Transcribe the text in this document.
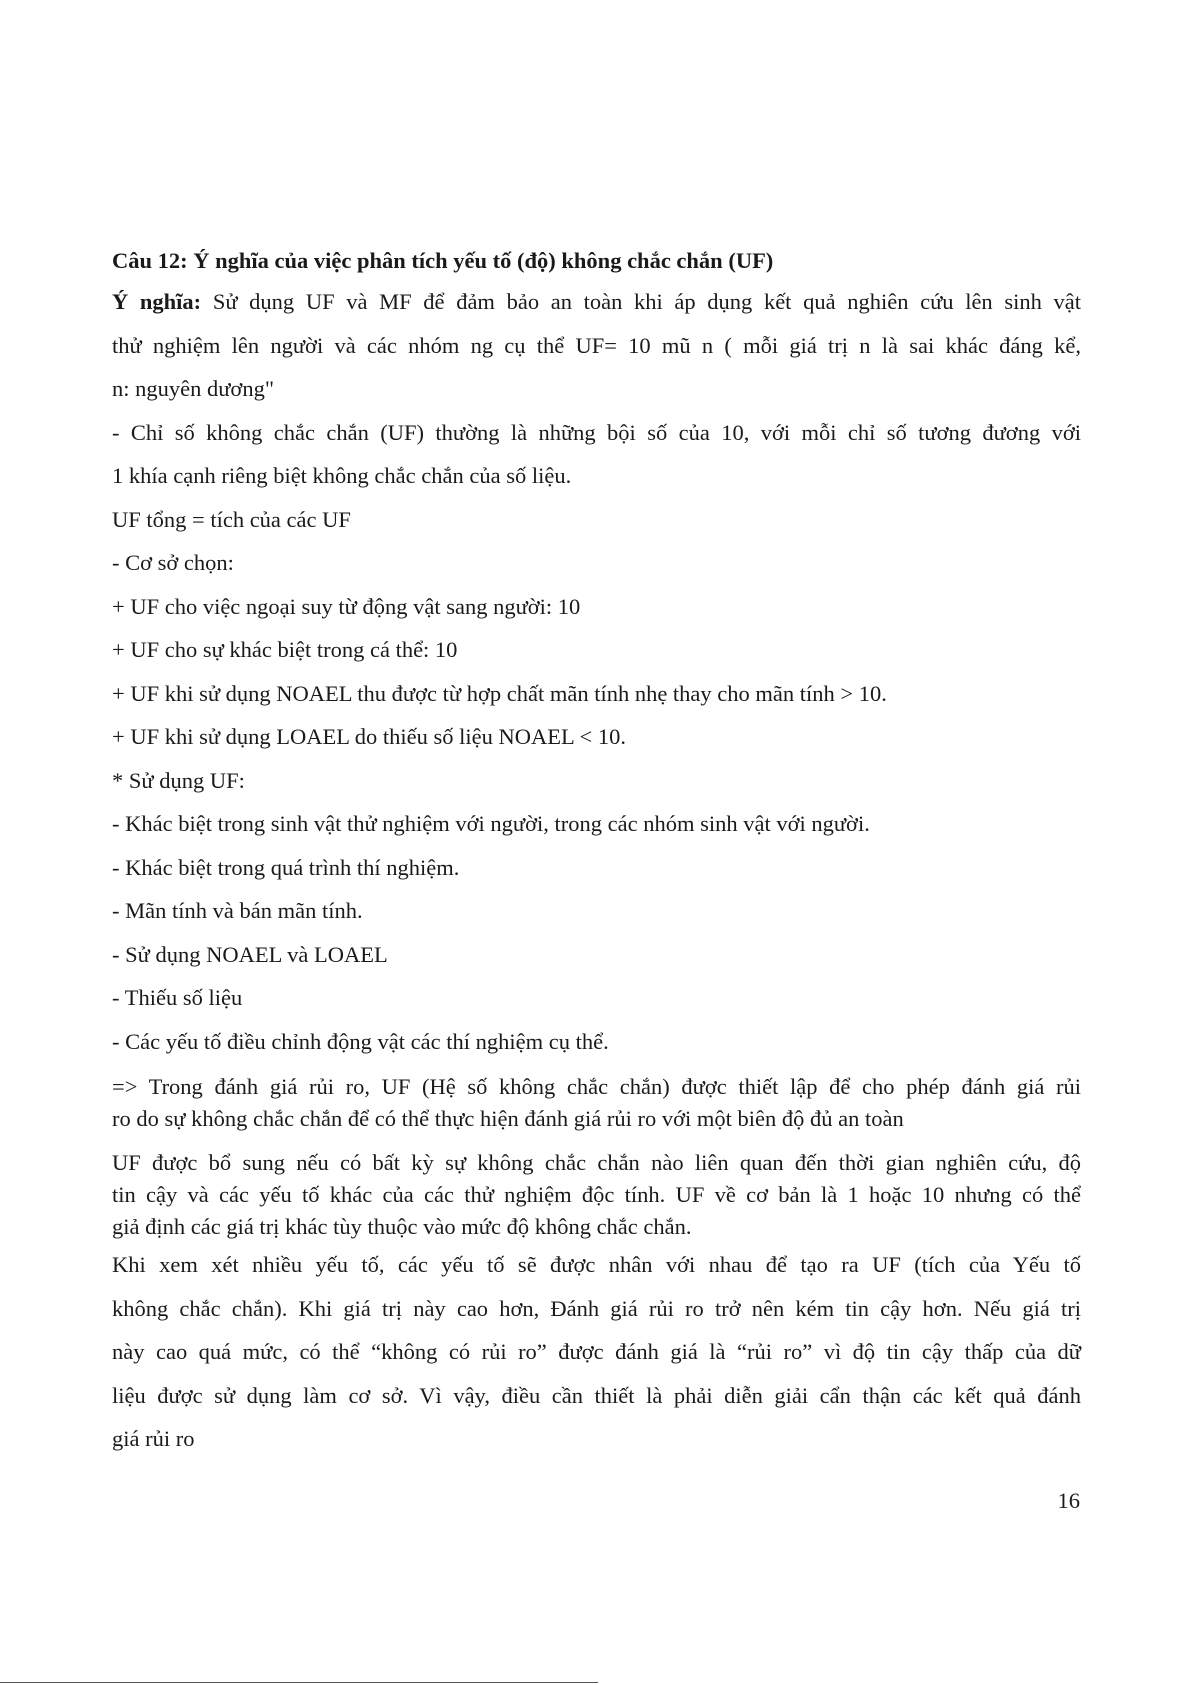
Câu 12: Ý nghĩa của việc phân tích yếu tố (độ) không chắc chắn (UF)

Ý nghĩa: Sử dụng UF và MF để đảm bảo an toàn khi áp dụng kết quả nghiên cứu lên sinh vật
thử nghiệm lên người và các nhóm ng cụ thể UF= 10 mũ n ( mỗi giá trị n là sai khác đáng kể,
n: nguyên dương"
- Chỉ số không chắc chắn (UF) thường là những bội số của 10, với mỗi chỉ số tương đương với
1 khía cạnh riêng biệt không chắc chắn của số liệu.

UF tổng = tích của các UF

- Cơ sở chọn:

+ UF cho việc ngoại suy từ động vật sang người: 10

+ UF cho sự khác biệt trong cá thể: 10

+ UF khi sử dụng NOAEL thu được từ hợp chất mãn tính nhẹ thay cho mãn tính > 10.

+ UF khi sử dụng LOAEL do thiếu số liệu NOAEL < 10.

* Sử dụng UF:

- Khác biệt trong sinh vật thử nghiệm với người, trong các nhóm sinh vật với người.

- Khác biệt trong quá trình thí nghiệm.

- Mãn tính và bán mãn tính.

- Sử dụng NOAEL và LOAEL

- Thiếu số liệu

- Các yếu tố điều chỉnh động vật các thí nghiệm cụ thể.

=> Trong đánh giá rủi ro, UF (Hệ số không chắc chắn) được thiết lập để cho phép đánh giá rủi
ro do sự không chắc chắn để có thể thực hiện đánh giá rủi ro với một biên độ đủ an toàn
UF được bổ sung nếu có bất kỳ sự không chắc chắn nào liên quan đến thời gian nghiên cứu, độ
tin cậy và các yếu tố khác của các thử nghiệm độc tính. UF về cơ bản là 1 hoặc 10 nhưng có thể
giả định các giá trị khác tùy thuộc vào mức độ không chắc chắn.
Khi xem xét nhiều yếu tố, các yếu tố sẽ được nhân với nhau để tạo ra UF (tích của Yếu tố
không chắc chắn). Khi giá trị này cao hơn, Đánh giá rủi ro trở nên kém tin cậy hơn. Nếu giá trị
này cao quá mức, có thể “không có rủi ro” được đánh giá là “rủi ro” vì độ tin cậy thấp của dữ
liệu được sử dụng làm cơ sở. Vì vậy, điều cần thiết là phải diễn giải cẩn thận các kết quả đánh
giá rủi ro
16
